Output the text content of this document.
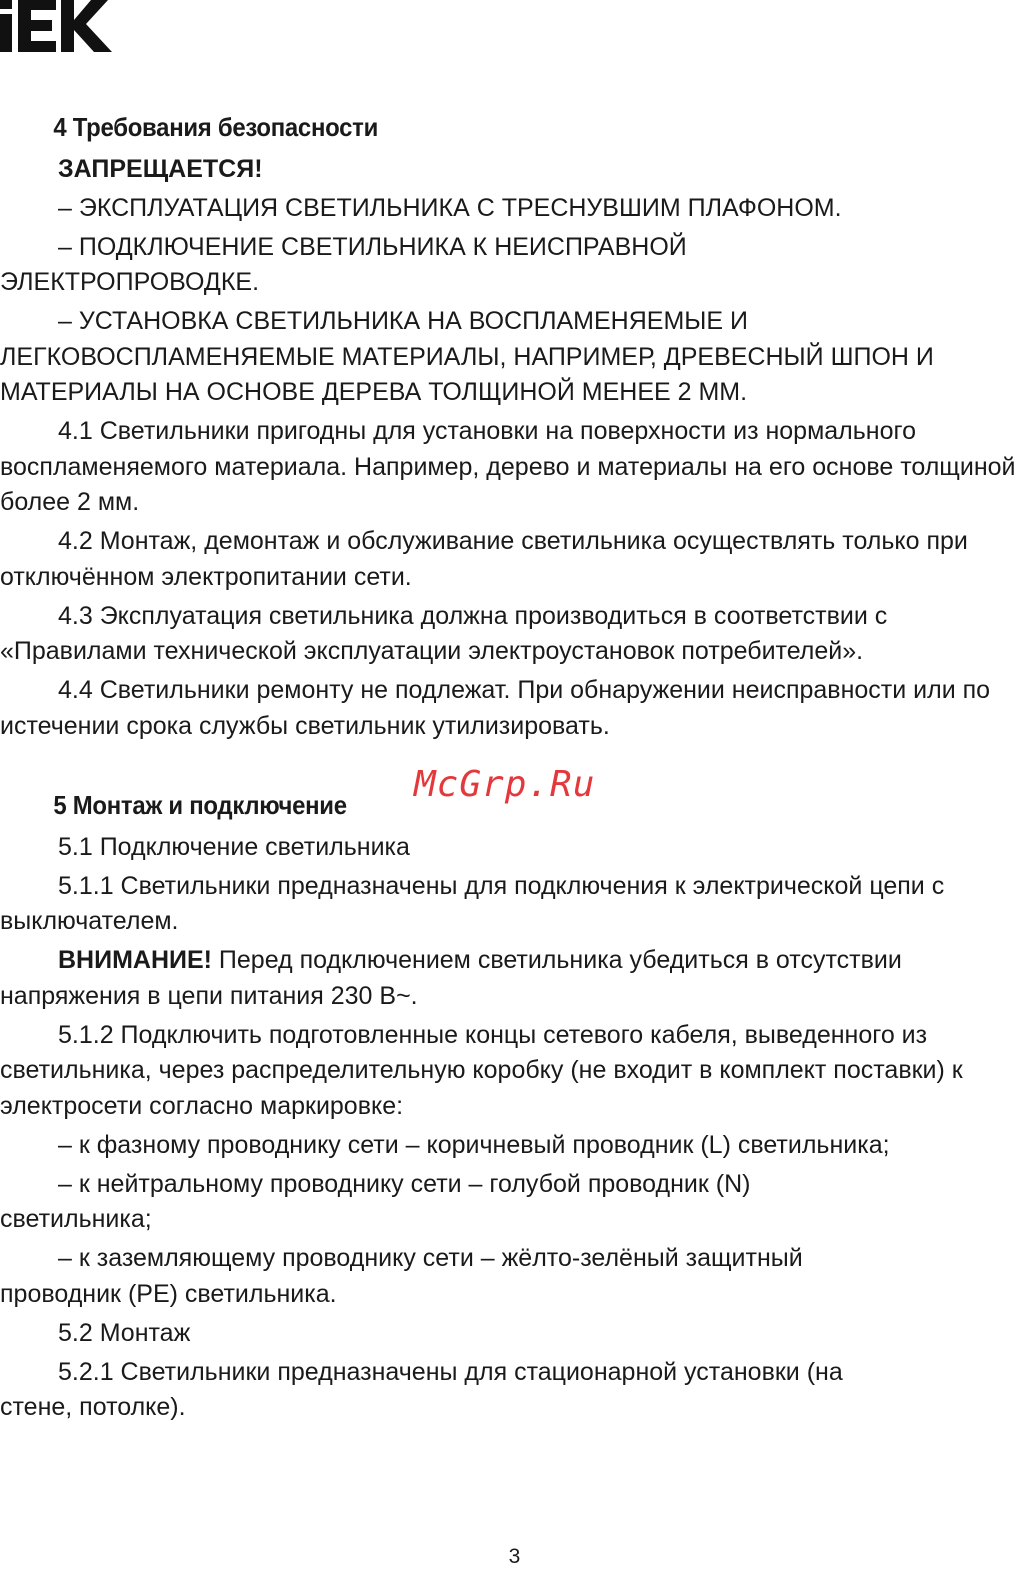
McGrp.Ru
4 Требования безопасности
ЗАПРЕЩАЕТСЯ!
– ЭКСПЛУАТАЦИЯ СВЕТИЛЬНИКА С ТРЕСНУВШИМ ПЛАФОНОМ.
– ПОДКЛЮЧЕНИЕ СВЕТИЛЬНИКА К НЕИСПРАВНОЙ ЭЛЕКТРОПРОВОДКЕ.
– УСТАНОВКА СВЕТИЛЬНИКА НА ВОСПЛАМЕНЯЕМЫЕ И ЛЕГКОВОСПЛАМЕНЯЕМЫЕ МАТЕРИАЛЫ, НАПРИМЕР, ДРЕВЕСНЫЙ ШПОН И МАТЕРИАЛЫ НА ОСНОВЕ ДЕРЕВА ТОЛЩИНОЙ МЕНЕЕ 2 ММ.
4.1 Светильники пригодны для установки на поверхности из нормального воспламеняемого материала. Например, дерево и материалы на его основе толщиной более 2 мм.
4.2 Монтаж, демонтаж и обслуживание светильника осуществлять только при отключённом электропитании сети.
4.3 Эксплуатация светильника должна производиться в соответствии с «Правилами технической эксплуатации электроустановок потребителей».
4.4 Светильники ремонту не подлежат. При обнаружении неисправности или по истечении срока службы светильник утилизировать.
5 Монтаж и подключение
5.1 Подключение светильника
5.1.1 Светильники предназначены для подключения к электрической цепи с выключателем.
ВНИМАНИЕ! Перед подключением светильника убедиться в отсутствии напряжения в цепи питания 230 В~.
5.1.2 Подключить подготовленные концы сетевого кабеля, выведенного из светильника, через распределительную коробку (не входит в комплект поставки) к электросети согласно маркировке:
– к фазному проводнику сети – коричневый проводник (L) светильника;
– к нейтральному проводнику сети – голубой проводник (N) светильника;
– к заземляющему проводнику сети – жёлто-зелёный защитный проводник (PE) светильника.
5.2 Монтаж
5.2.1 Светильники предназначены для стационарной установки (на стене, потолке).
3
